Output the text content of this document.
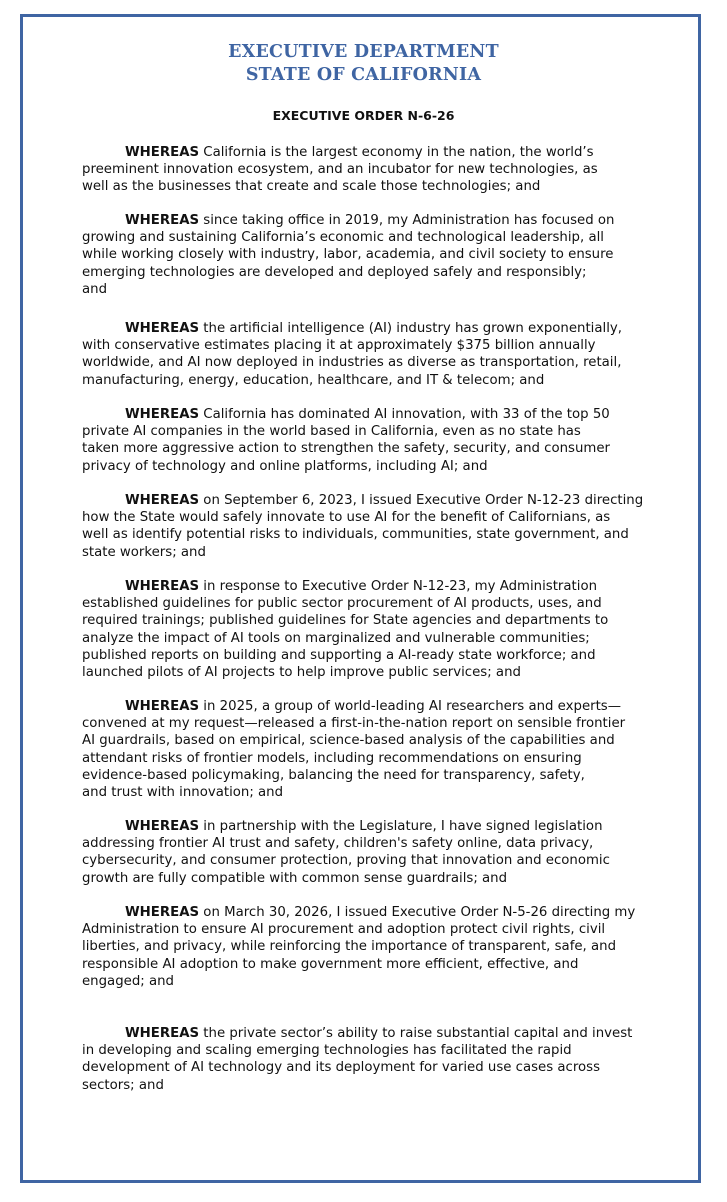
EXECUTIVE DEPARTMENT
STATE OF CALIFORNIA
EXECUTIVE ORDER N-6-26
WHEREAS California is the largest economy in the nation, the world’s
preeminent innovation ecosystem, and an incubator for new technologies, as
well as the businesses that create and scale those technologies; and
WHEREAS since taking office in 2019, my Administration has focused on
growing and sustaining California’s economic and technological leadership, all
while working closely with industry, labor, academia, and civil society to ensure
emerging technologies are developed and deployed safely and responsibly;
and
WHEREAS the artificial intelligence (AI) industry has grown exponentially,
with conservative estimates placing it at approximately $375 billion annually
worldwide, and AI now deployed in industries as diverse as transportation, retail,
manufacturing, energy, education, healthcare, and IT & telecom; and
WHEREAS California has dominated AI innovation, with 33 of the top 50
private AI companies in the world based in California, even as no state has
taken more aggressive action to strengthen the safety, security, and consumer
privacy of technology and online platforms, including AI; and
WHEREAS on September 6, 2023, I issued Executive Order N-12-23 directing
how the State would safely innovate to use AI for the benefit of Californians, as
well as identify potential risks to individuals, communities, state government, and
state workers; and
WHEREAS in response to Executive Order N-12-23, my Administration
established guidelines for public sector procurement of AI products, uses, and
required trainings; published guidelines for State agencies and departments to
analyze the impact of AI tools on marginalized and vulnerable communities;
published reports on building and supporting a AI-ready state workforce; and
launched pilots of AI projects to help improve public services; and
WHEREAS in 2025, a group of world-leading AI researchers and experts—
convened at my request—released a first-in-the-nation report on sensible frontier
AI guardrails, based on empirical, science-based analysis of the capabilities and
attendant risks of frontier models, including recommendations on ensuring
evidence-based policymaking, balancing the need for transparency, safety,
and trust with innovation; and
WHEREAS in partnership with the Legislature, I have signed legislation
addressing frontier AI trust and safety, children's safety online, data privacy,
cybersecurity, and consumer protection, proving that innovation and economic
growth are fully compatible with common sense guardrails; and
WHEREAS on March 30, 2026, I issued Executive Order N-5-26 directing my
Administration to ensure AI procurement and adoption protect civil rights, civil
liberties, and privacy, while reinforcing the importance of transparent, safe, and
responsible AI adoption to make government more efficient, effective, and
engaged; and
WHEREAS the private sector’s ability to raise substantial capital and invest
in developing and scaling emerging technologies has facilitated the rapid
development of AI technology and its deployment for varied use cases across
sectors; and
